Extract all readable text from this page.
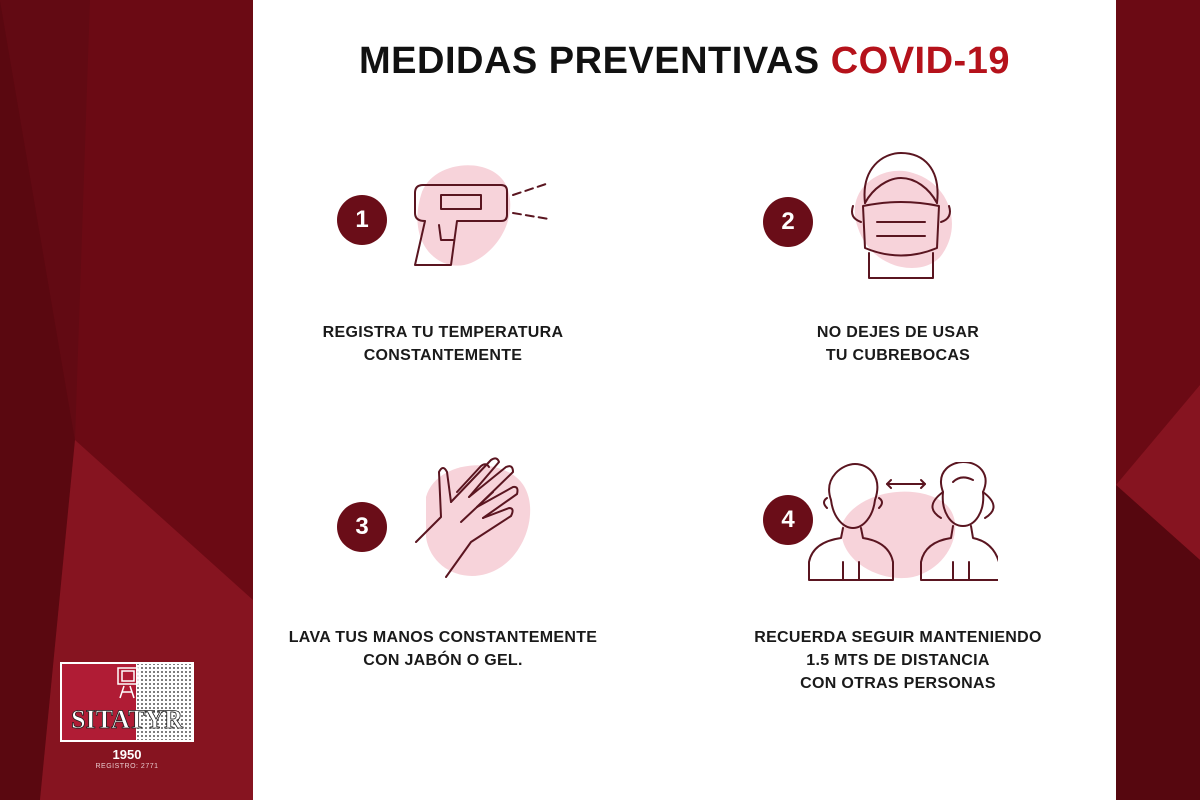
MEDIDAS PREVENTIVAS COVID-19
1
REGISTRA TU TEMPERATURA
CONSTANTEMENTE
2
NO DEJES DE USAR
TU CUBREBOCAS
3
LAVA TUS MANOS CONSTANTEMENTE
CON JABÓN O GEL.
4
RECUERDA SEGUIR MANTENIENDO
1.5 MTS DE DISTANCIA
CON OTRAS PERSONAS
SITATYR
1950
REGISTRO: 2771
